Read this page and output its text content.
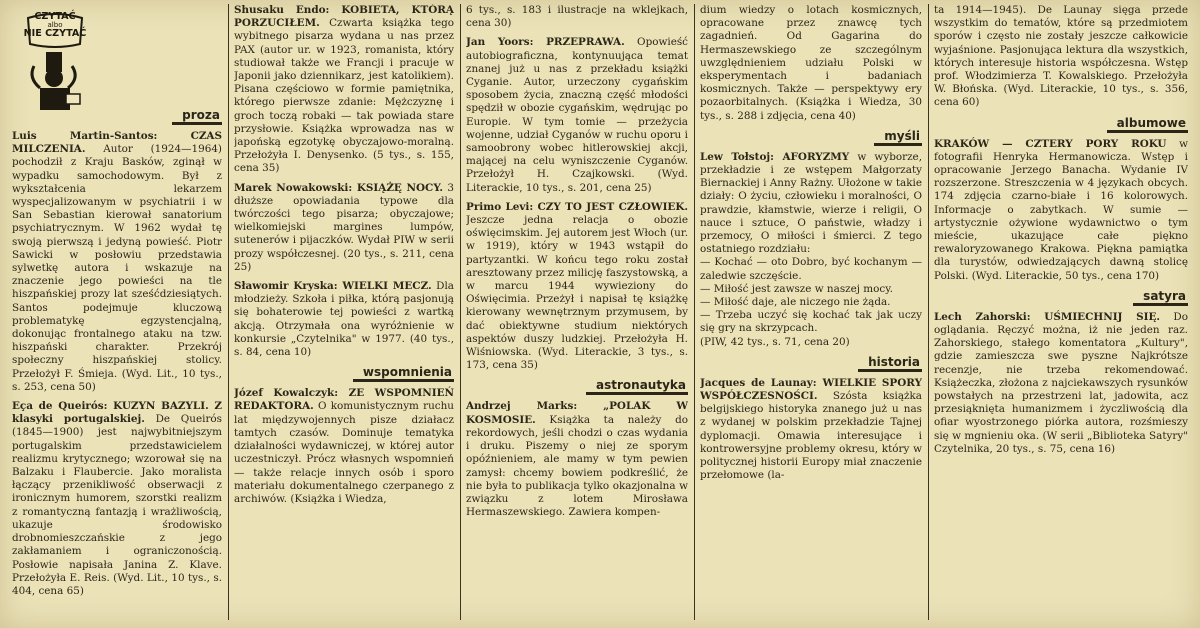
CZYTAĆ
albo
NIE CZYTAĆ
proza

Luis Martin-Santos: CZAS MILCZENIA. Autor (1924—1964) pochodził z Kraju Basków, zginął w wypadku samochodowym. Był z wykształcenia lekarzem wyspecjalizowanym w psychiatrii i w San Sebastian kierował sanatorium psychiatrycznym. W 1962 wydał tę swoją pierwszą i jedyną powieść. Piotr Sawicki w posłowiu przedstawia sylwetkę autora i wskazuje na znaczenie jego powieści na tle hiszpańskiej prozy lat sześćdziesiątych. Santos podejmuje kluczową problematykę egzystencjalną, dokonując frontalnego ataku na tzw. hiszpański charakter. Przekrój społeczny hiszpańskiej stolicy. Przełożył F. Śmieja. (Wyd. Lit., 10 tys., s. 253, cena 50)

Eça de Queirós: KUZYN BAZYLI. Z klasyki portugalskiej. De Queirós (1845—1900) jest najwybitniejszym portugalskim przedstawicielem realizmu krytycznego; wzorował się na Balzaku i Flaubercie. Jako moralista łączący przenikliwość obserwacji z ironicznym humorem, szorstki realizm z romantyczną fantazją i wrażliwością, ukazuje środowisko drobnomieszczańskie z jego zakłamaniem i ograniczonością. Posłowie napisała Janina Z. Klave. Przełożyła E. Reis. (Wyd. Lit., 10 tys., s. 404, cena 65)

Shusaku Endo: KOBIETA, KTÓRĄ PORZUCIŁEM. Czwarta książka tego wybitnego pisarza wydana u nas przez PAX (autor ur. w 1923, romanista, który studiował także we Francji i pracuje w Japonii jako dziennikarz, jest katolikiem). Pisana częściowo w formie pamiętnika, którego pierwsze zdanie: Mężczyznę i groch toczą robaki — tak powiada stare przysłowie. Książka wprowadza nas w japońską egzotykę obyczajowo-moralną. Przełożyła I. Denysenko. (5 tys., s. 155, cena 35)

Marek Nowakowski: KSIĄŻĘ NOCY. 3 dłuższe opowiadania typowe dla twórczości tego pisarza; obyczajowe; wielkomiejski margines lumpów, sutenerów i pijaczków. Wydał PIW w serii prozy współczesnej. (20 tys., s. 211, cena 25)

Sławomir Kryska: WIELKI MECZ. Dla młodzieży. Szkoła i piłka, którą pasjonują się bohaterowie tej powieści z wartką akcją. Otrzymała ona wyróżnienie w konkursie „Czytelnika" w 1977. (40 tys., s. 84, cena 10)

wspomnienia

Józef Kowalczyk: ZE WSPOMNIEŃ REDAKTORA. O komunistycznym ruchu lat międzywojennych pisze działacz tamtych czasów. Dominuje tematyka działalności wydawniczej, w której autor uczestniczył. Prócz własnych wspomnień — także relacje innych osób i sporo materiału dokumentalnego czerpanego z archiwów. (Książka i Wiedza,

6 tys., s. 183 i ilustracje na wklejkach, cena 30)

Jan Yoors: PRZEPRAWA. Opowieść autobiograficzna, kontynuująca temat znanej już u nas z przekładu książki Cyganie. Autor, urzeczony cygańskim sposobem życia, znaczną część młodości spędził w obozie cygańskim, wędrując po Europie. W tym tomie — przeżycia wojenne, udział Cyganów w ruchu oporu i samoobrony wobec hitlerowskiej akcji, mającej na celu wyniszczenie Cyganów. Przełożył H. Czajkowski. (Wyd. Literackie, 10 tys., s. 201, cena 25)

Primo Levi: CZY TO JEST CZŁOWIEK. Jeszcze jedna relacja o obozie oświęcimskim. Jej autorem jest Włoch (ur. w 1919), który w 1943 wstąpił do partyzantki. W końcu tego roku został aresztowany przez milicję faszystowską, a w marcu 1944 wywieziony do Oświęcimia. Przeżył i napisał tę książkę kierowany wewnętrznym przymusem, by dać obiektywne studium niektórych aspektów duszy ludzkiej. Przełożyła H. Wiśniowska. (Wyd. Literackie, 3 tys., s. 173, cena 35)

astronautyka

Andrzej Marks: „POLAK W KOSMOSIE. Książka ta należy do rekordowych, jeśli chodzi o czas wydania i druku. Piszemy o niej ze sporym opóźnieniem, ale mamy w tym pewien zamysł: chcemy bowiem podkreślić, że nie była to publikacja tylko okazjonalna w związku z lotem Mirosława Hermaszewskiego. Zawiera kompen-

dium wiedzy o lotach kosmicznych, opracowane przez znawcę tych zagadnień. Od Gagarina do Hermaszewskiego ze szczególnym uwzględnieniem udziału Polski w eksperymentach i badaniach kosmicznych. Także — perspektywy ery pozaorbitalnych. (Książka i Wiedza, 30 tys., s. 288 i zdjęcia, cena 40)

myśli

Lew Tołstoj: AFORYZMY w wyborze, przekładzie i ze wstępem Małgorzaty Biernackiej i Anny Rażny. Ułożone w takie działy: O życiu, człowieku i moralności, O prawdzie, kłamstwie, wierze i religii, O nauce i sztuce, O państwie, władzy i przemocy, O miłości i śmierci. Z tego ostatniego rozdziału:
— Kochać — oto Dobro, być kochanym — zaledwie szczęście.
— Miłość jest zawsze w naszej mocy.
— Miłość daje, ale niczego nie żąda.
— Trzeba uczyć się kochać tak jak uczy się gry na skrzypcach.
(PIW, 42 tys., s. 71, cena 20)

historia

Jacques de Launay: WIELKIE SPORY WSPÓŁCZESNOŚCI. Szósta książka belgijskiego historyka znanego już u nas z wydanej w polskim przekładzie Tajnej dyplomacji. Omawia interesujące i kontrowersyjne problemy okresu, który w politycznej historii Europy miał znaczenie przełomowe (la-

ta 1914—1945). De Launay sięga przede wszystkim do tematów, które są przedmiotem sporów i często nie zostały jeszcze całkowicie wyjaśnione. Pasjonująca lektura dla wszystkich, których interesuje historia współczesna. Wstęp prof. Włodzimierza T. Kowalskiego. Przełożyła W. Błońska. (Wyd. Literackie, 10 tys., s. 356, cena 60)

albumowe

KRAKÓW — CZTERY PORY ROKU w fotografii Henryka Hermanowicza. Wstęp i opracowanie Jerzego Banacha. Wydanie IV rozszerzone. Streszczenia w 4 językach obcych. 174 zdjęcia czarno-białe i 16 kolorowych. Informacje o zabytkach. W sumie — artystycznie ożywione wydawnictwo o tym mieście, ukazujące całe piękno rewaloryzowanego Krakowa. Piękna pamiątka dla turystów, odwiedzających dawną stolicę Polski. (Wyd. Literackie, 50 tys., cena 170)

satyra

Lech Zahorski: UŚMIECHNIJ SIĘ. Do oglądania. Ręczyć można, iż nie jeden raz. Zahorskiego, stałego komentatora „Kultury", gdzie zamieszcza swe pyszne Najkrótsze recenzje, nie trzeba rekomendować. Książeczka, złożona z najciekawszych rysunków powstałych na przestrzeni lat, jadowita, acz przesiąknięta humanizmem i życzliwością dla ofiar wyostrzonego piórka autora, rozśmieszy się w mgnieniu oka. (W serii „Biblioteka Satyry" Czytelnika, 20 tys., s. 75, cena 16)
